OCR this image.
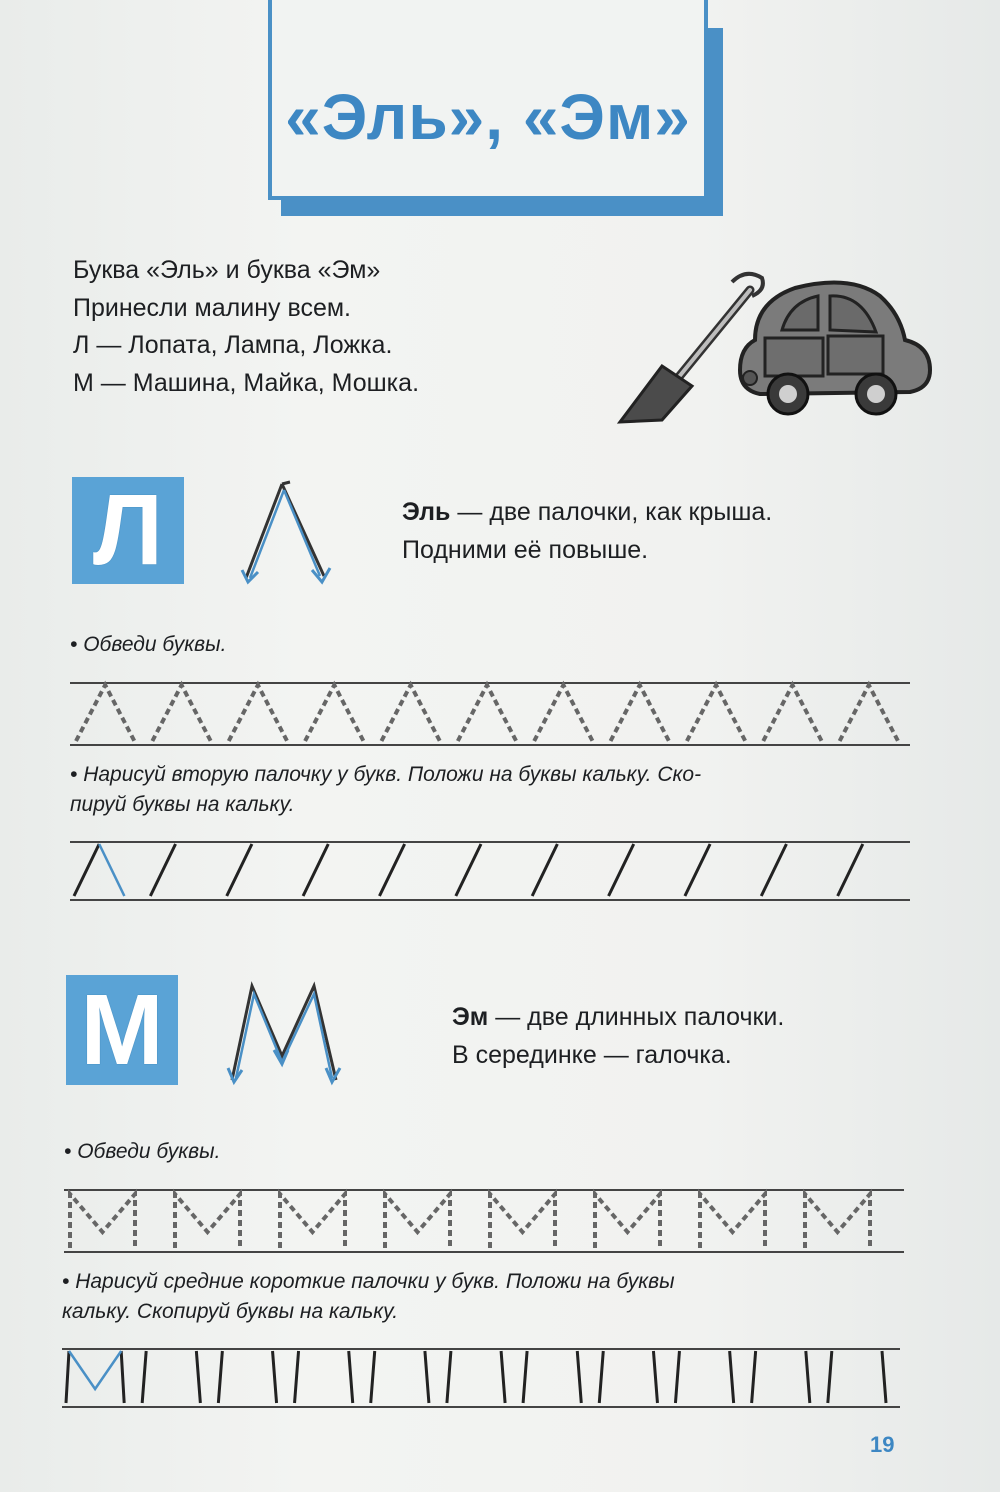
«Эль», «Эм»
Буква «Эль» и буква «Эм»
Принесли малину всем.
Л — Лопата, Лампа, Ложка.
М — Машина, Майка, Мошка.
Л	Эль — две палочки, как крыша.
Подними её повыше.
• Обведи буквы.
• Нарисуй вторую палочку у букв. Положи на буквы кальку. Ско-
пируй буквы на кальку.
М	Эм — две длинных палочки.
В серединке — галочка.
• Обведи буквы.
• Нарисуй средние короткие палочки у букв. Положи на буквы
кальку. Скопируй буквы на кальку.
19
